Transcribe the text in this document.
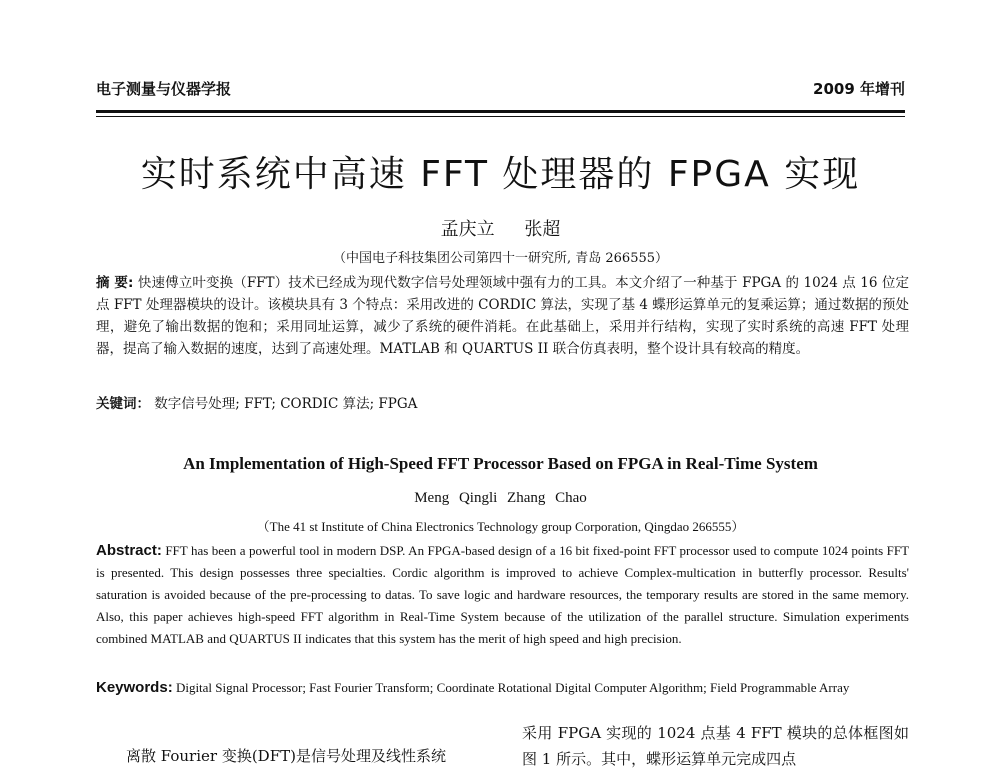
电子测量与仪器学报	2009 年增刊
实时系统中高速 FFT 处理器的 FPGA 实现
孟庆立 张超
（中国电子科技集团公司第四十一研究所, 青岛 266555）
摘 要: 快速傅立叶变换（FFT）技术已经成为现代数字信号处理领域中强有力的工具。本文介绍了一种基于 FPGA 的 1024 点 16 位定点 FFT 处理器模块的设计。该模块具有 3 个特点：采用改进的 CORDIC 算法，实现了基 4 蝶形运算单元的复乘运算；通过数据的预处理，避免了输出数据的饱和；采用同址运算，减少了系统的硬件消耗。在此基础上，采用并行结构，实现了实时系统的高速 FFT 处理器，提高了输入数据的速度，达到了高速处理。MATLAB 和 QUARTUS II 联合仿真表明，整个设计具有较高的精度。
关键词： 数字信号处理; FFT; CORDIC 算法; FPGA
An Implementation of High-Speed FFT Processor Based on FPGA in Real-Time System
Meng Qingli Zhang Chao
（The 41 st Institute of China Electronics Technology group Corporation, Qingdao 266555）
Abstract: FFT has been a powerful tool in modern DSP. An FPGA-based design of a 16 bit fixed-point FFT processor used to compute 1024 points FFT is presented. This design possesses three specialties. Cordic algorithm is improved to achieve Complex-multication in butterfly processor. Results' saturation is avoided because of the pre-processing to datas. To save logic and hardware resources, the temporary results are stored in the same memory. Also, this paper achieves high-speed FFT algorithm in Real-Time System because of the utilization of the parallel structure. Simulation experiments combined MATLAB and QUARTUS II indicates that this system has the merit of high speed and high precision.
Keywords: Digital Signal Processor; Fast Fourier Transform; Coordinate Rotational Digital Computer Algorithm; Field Programmable Array
采用 FPGA 实现的 1024 点基 4 FFT 模块的总体框图如图 1 所示。其中，蝶形运算单元完成四点
离散 Fourier 变换(DFT)是信号处理及线性系统
